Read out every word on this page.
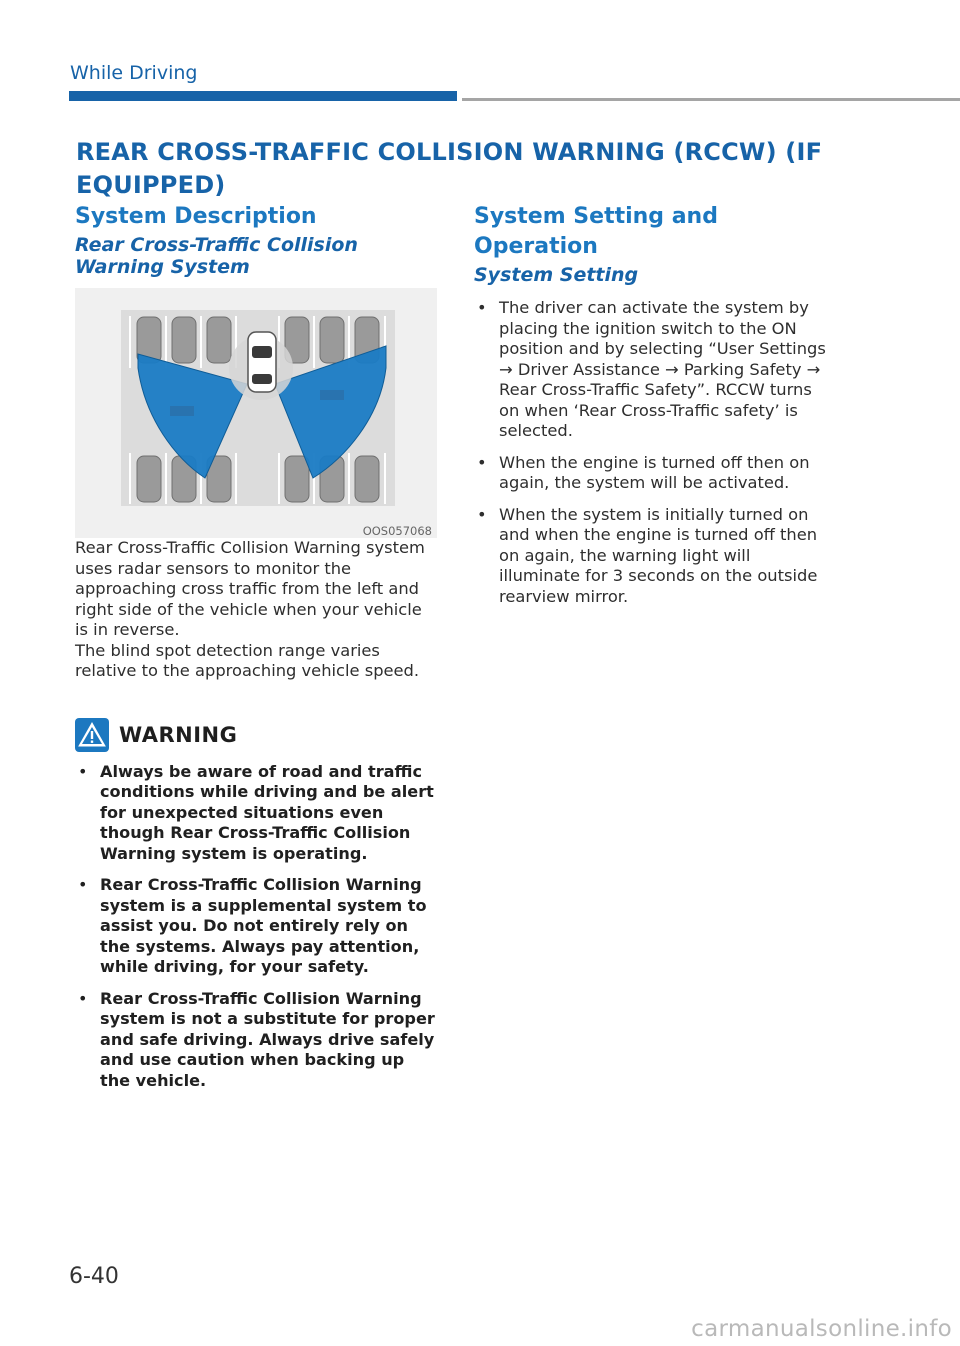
While Driving
REAR CROSS-TRAFFIC COLLISION WARNING (RCCW) (IF EQUIPPED)
System Description
Rear Cross-Traffic Collision Warning System
OOS057068

Rear Cross-Traffic Collision Warning system uses radar sensors to monitor the approaching cross traffic from the left and right side of the vehicle when your vehicle is in reverse.

The blind spot detection range varies relative to the approaching vehicle speed.

WARNING
• Always be aware of road and traffic conditions while driving and be alert for unexpected situations even though Rear Cross-Traffic Collision Warning system is operating.
• Rear Cross-Traffic Collision Warning system is a supplemental system to assist you. Do not entirely rely on the systems. Always pay attention, while driving, for your safety.
• Rear Cross-Traffic Collision Warning system is not a substitute for proper and safe driving. Always drive safely and use caution when backing up the vehicle.
System Setting and Operation
System Setting
• The driver can activate the system by placing the ignition switch to the ON position and by selecting “User Settings → Driver Assistance → Parking Safety → Rear Cross-Traffic Safety”. RCCW turns on when ‘Rear Cross-Traffic safety’ is selected.
• When the engine is turned off then on again, the system will be activated.
• When the system is initially turned on and when the engine is turned off then on again, the warning light will illuminate for 3 seconds on the outside rearview mirror.
6-40
carmanualsonline.info
